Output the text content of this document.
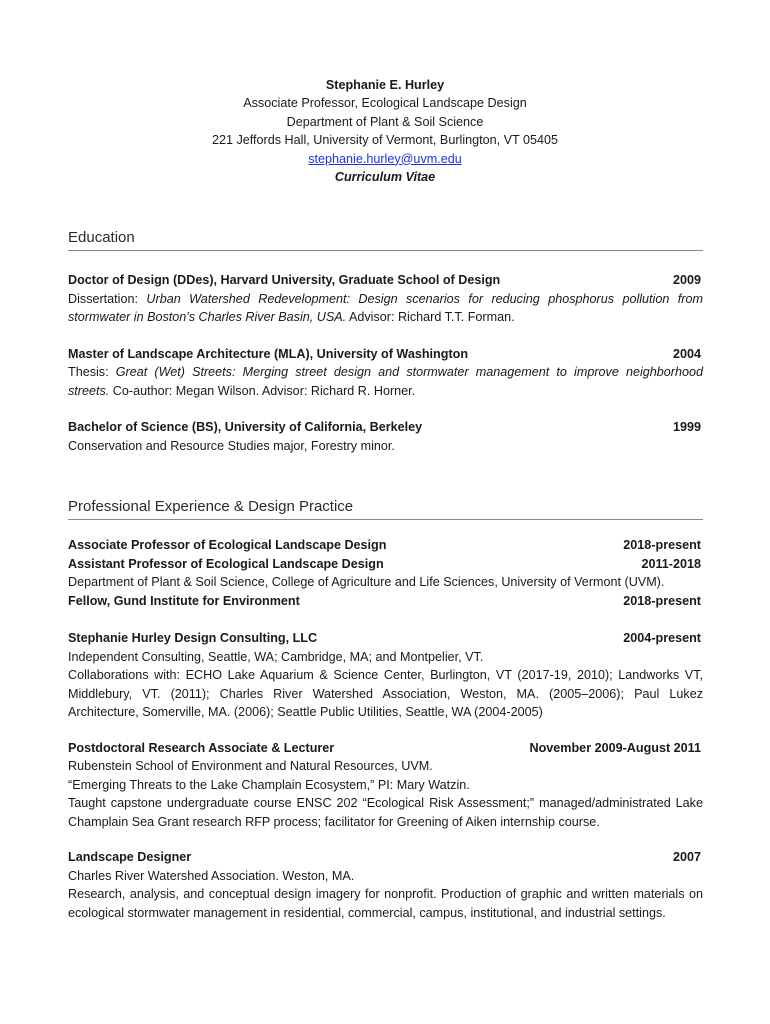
Stephanie E. Hurley
Associate Professor, Ecological Landscape Design
Department of Plant & Soil Science
221 Jeffords Hall, University of Vermont, Burlington, VT 05405
stephanie.hurley@uvm.edu
Curriculum Vitae
Education
Doctor of Design (DDes), Harvard University, Graduate School of Design	2009
Dissertation: Urban Watershed Redevelopment: Design scenarios for reducing phosphorus pollution from stormwater in Boston's Charles River Basin, USA. Advisor: Richard T.T. Forman.
Master of Landscape Architecture (MLA), University of Washington	2004
Thesis: Great (Wet) Streets: Merging street design and stormwater management to improve neighborhood streets. Co-author: Megan Wilson. Advisor: Richard R. Horner.
Bachelor of Science (BS), University of California, Berkeley	1999
Conservation and Resource Studies major, Forestry minor.
Professional Experience & Design Practice
Associate Professor of Ecological Landscape Design	2018-present
Assistant Professor of Ecological Landscape Design	2011-2018
Department of Plant & Soil Science, College of Agriculture and Life Sciences, University of Vermont (UVM).
Fellow, Gund Institute for Environment	2018-present
Stephanie Hurley Design Consulting, LLC	2004-present
Independent Consulting, Seattle, WA; Cambridge, MA; and Montpelier, VT.
Collaborations with: ECHO Lake Aquarium & Science Center, Burlington, VT (2017-19, 2010); Landworks VT, Middlebury, VT. (2011); Charles River Watershed Association, Weston, MA. (2005–2006); Paul Lukez Architecture, Somerville, MA. (2006); Seattle Public Utilities, Seattle, WA (2004-2005)
Postdoctoral Research Associate & Lecturer	November 2009-August 2011
Rubenstein School of Environment and Natural Resources, UVM.
“Emerging Threats to the Lake Champlain Ecosystem,” PI: Mary Watzin.
Taught capstone undergraduate course ENSC 202 “Ecological Risk Assessment;” managed/administrated Lake Champlain Sea Grant research RFP process; facilitator for Greening of Aiken internship course.
Landscape Designer	2007
Charles River Watershed Association. Weston, MA.
Research, analysis, and conceptual design imagery for nonprofit. Production of graphic and written materials on ecological stormwater management in residential, commercial, campus, institutional, and industrial settings.
